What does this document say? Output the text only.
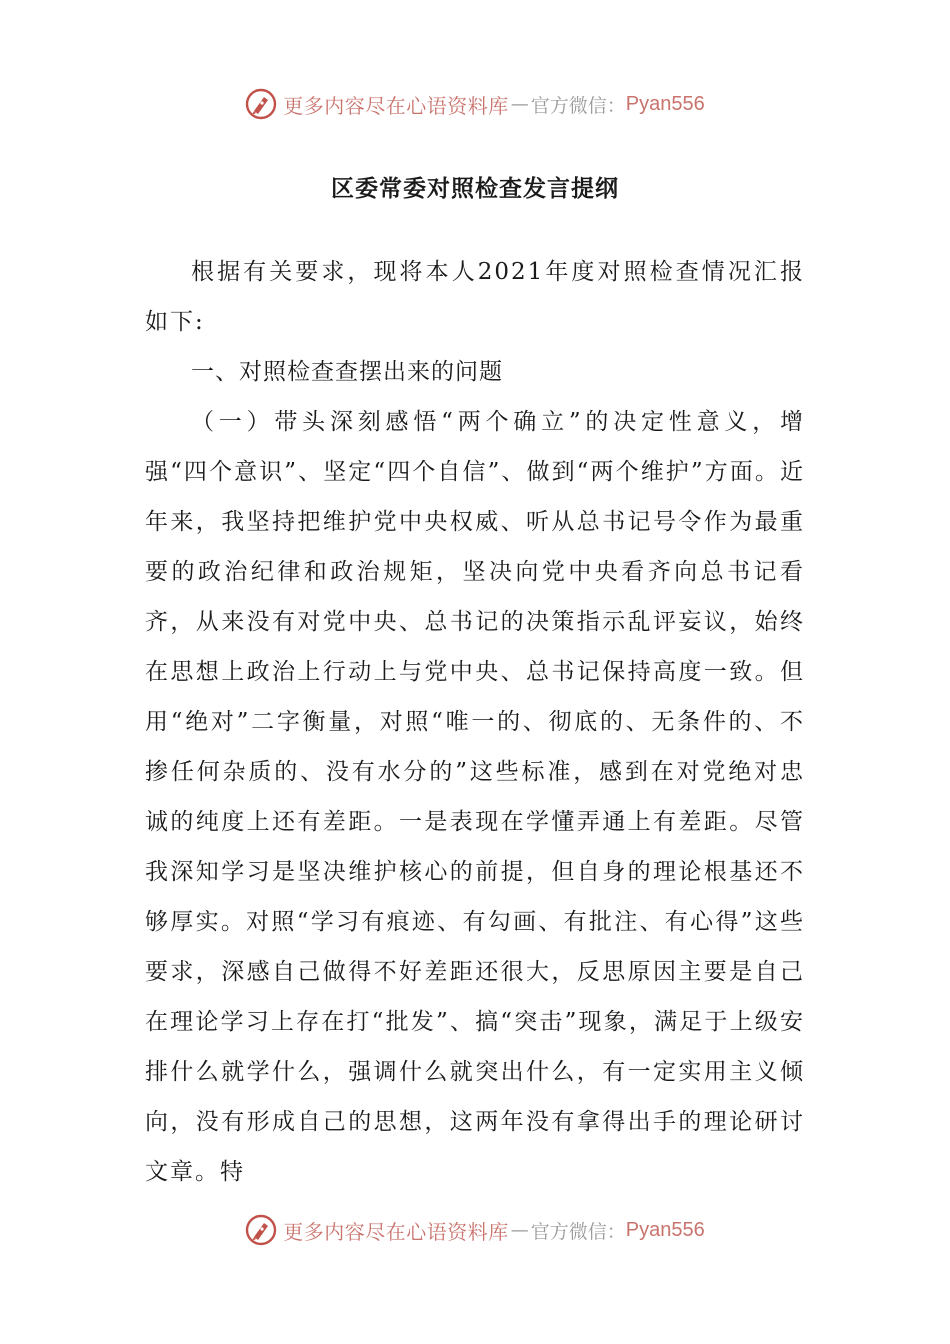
更多内容尽在心语资料库 — 官方微信： Pyan556
区委常委对照检查发言提纲

根据有关要求，现将本人2021年度对照检查情况汇报如下:

一、对照检查查摆出来的问题

（一）带头深刻感悟“两个确立”的决定性意义，增强“四个意识”、坚定“四个自信”、做到“两个维护”方面。近年来，我坚持把维护党中央权威、听从总书记号令作为最重要的政治纪律和政治规矩，坚决向党中央看齐向总书记看齐，从来没有对党中央、总书记的决策指示乱评妄议，始终在思想上政治上行动上与党中央、总书记保持高度一致。但用“绝对”二字衡量，对照“唯一的、彻底的、无条件的、不掺任何杂质的、没有水分的”这些标准，感到在对党绝对忠诚的纯度上还有差距。一是表现在学懂弄通上有差距。尽管我深知学习是坚决维护核心的前提，但自身的理论根基还不够厚实。对照“学习有痕迹、有勾画、有批注、有心得”这些要求，深感自己做得不好差距还很大，反思原因主要是自己在理论学习上存在打“批发”、搞“突击”现象，满足于上级安排什么就学什么，强调什么就突出什么，有一定实用主义倾向，没有形成自己的思想，这两年没有拿得出手的理论研讨文章。特

更多内容尽在心语资料库 — 官方微信： Pyan556
